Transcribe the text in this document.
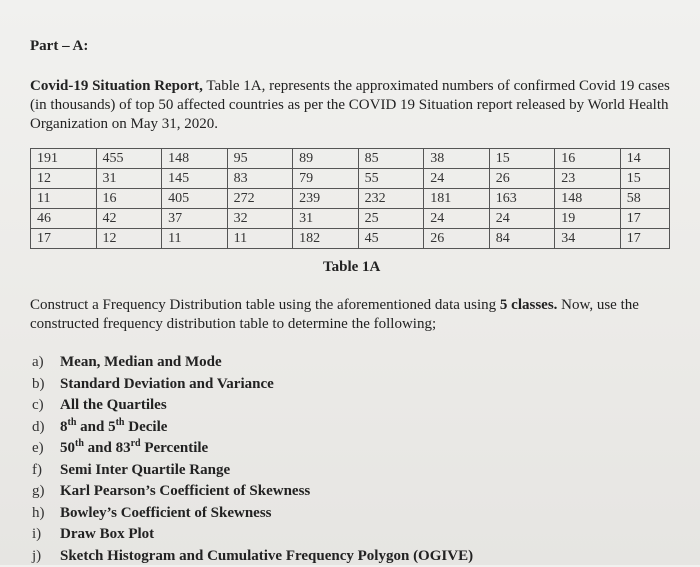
Part – A:
Covid-19 Situation Report, Table 1A, represents the approximated numbers of confirmed Covid 19 cases (in thousands) of top 50 affected countries as per the COVID 19 Situation report released by World Health Organization on May 31, 2020.
191	455	148	95	89	85	38	15	16	14
12	31	145	83	79	55	24	26	23	15
11	16	405	272	239	232	181	163	148	58
46	42	37	32	31	25	24	24	19	17
17	12	11	11	182	45	26	84	34	17
Table 1A
Construct a Frequency Distribution table using the aforementioned data using 5 classes. Now, use the constructed frequency distribution table to determine the following;
a) Mean, Median and Mode
b) Standard Deviation and Variance
c) All the Quartiles
d) 8th and 5th Decile
e) 50th and 83rd Percentile
f) Semi Inter Quartile Range
g) Karl Pearson’s Coefficient of Skewness
h) Bowley’s Coefficient of Skewness
i) Draw Box Plot
j) Sketch Histogram and Cumulative Frequency Polygon (OGIVE)
